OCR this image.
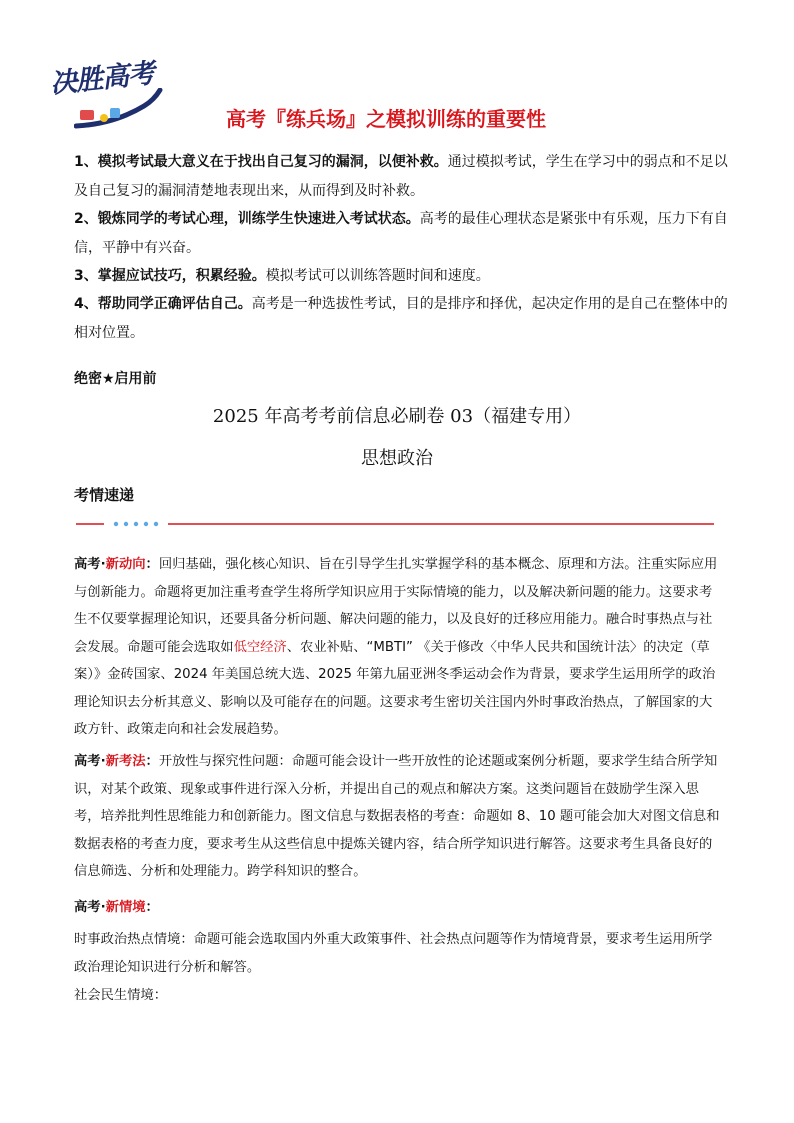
决胜高考
高考『练兵场』之模拟训练的重要性

1、模拟考试最大意义在于找出自己复习的漏洞，以便补救。通过模拟考试，学生在学习中的弱点和不足以及自己复习的漏洞清楚地表现出来，从而得到及时补救。

2、锻炼同学的考试心理，训练学生快速进入考试状态。高考的最佳心理状态是紧张中有乐观，压力下有自信，平静中有兴奋。

3、掌握应试技巧，积累经验。模拟考试可以训练答题时间和速度。

4、帮助同学正确评估自己。高考是一种选拔性考试，目的是排序和择优，起决定作用的是自己在整体中的相对位置。

绝密★启用前
2025 年高考考前信息必刷卷 03（福建专用）
思想政治
考情速递

高考·新动向：回归基础，强化核心知识、旨在引导学生扎实掌握学科的基本概念、原理和方法。注重实际应用与创新能力。命题将更加注重考查学生将所学知识应用于实际情境的能力，以及解决新问题的能力。这要求考生不仅要掌握理论知识，还要具备分析问题、解决问题的能力，以及良好的迁移应用能力。融合时事热点与社会发展。命题可能会选取如低空经济、农业补贴、“MBTI” 《关于修改〈中华人民共和国统计法〉的决定（草案）》金砖国家、2024 年美国总统大选、2025 年第九届亚洲冬季运动会作为背景，要求学生运用所学的政治理论知识去分析其意义、影响以及可能存在的问题。这要求考生密切关注国内外时事政治热点，了解国家的大政方针、政策走向和社会发展趋势。

高考·新考法：开放性与探究性问题：命题可能会设计一些开放性的论述题或案例分析题，要求学生结合所学知识，对某个政策、现象或事件进行深入分析，并提出自己的观点和解决方案。这类问题旨在鼓励学生深入思考，培养批判性思维能力和创新能力。图文信息与数据表格的考查：命题如 8、10 题可能会加大对图文信息和数据表格的考查力度，要求考生从这些信息中提炼关键内容，结合所学知识进行解答。这要求考生具备良好的信息筛选、分析和处理能力。跨学科知识的整合。

高考·新情境：

时事政治热点情境：命题可能会选取国内外重大政策事件、社会热点问题等作为情境背景，要求考生运用所学政治理论知识进行分析和解答。

社会民生情境：
